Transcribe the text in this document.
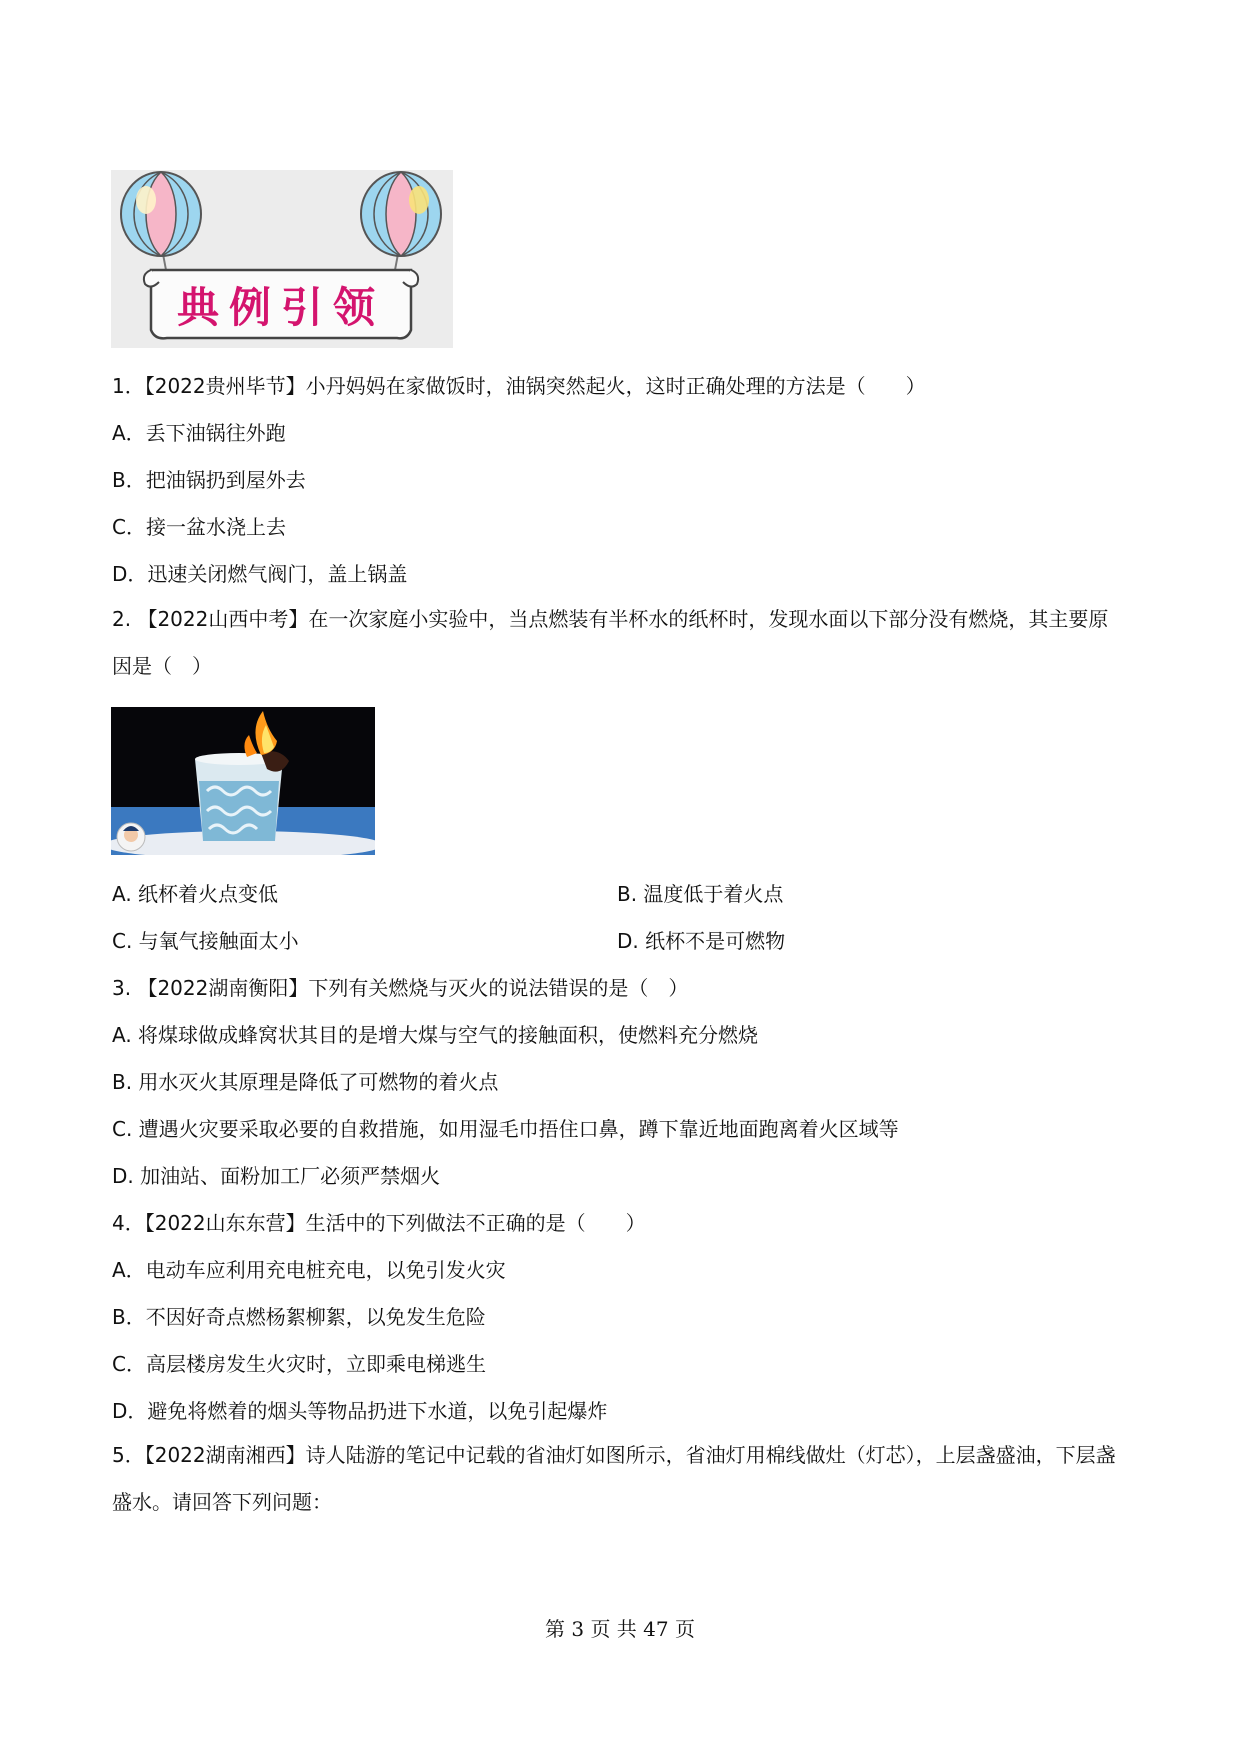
典例引领
1．【2022贵州毕节】小丹妈妈在家做饭时，油锅突然起火，这时正确处理的方法是（　　）
A．丢下油锅往外跑
B．把油锅扔到屋外去
C．接一盆水浇上去
D．迅速关闭燃气阀门，盖上锅盖
2. 【2022山西中考】在一次家庭小实验中，当点燃装有半杯水的纸杯时，发现水面以下部分没有燃烧，其主要原因是（　）
A. 纸杯着火点变低	B. 温度低于着火点
C. 与氧气接触面太小	D. 纸杯不是可燃物
3. 【2022湖南衡阳】下列有关燃烧与灭火的说法错误的是（　）
A. 将煤球做成蜂窝状其目的是增大煤与空气的接触面积，使燃料充分燃烧
B. 用水灭火其原理是降低了可燃物的着火点
C. 遭遇火灾要采取必要的自救措施，如用湿毛巾捂住口鼻，蹲下靠近地面跑离着火区域等
D. 加油站、面粉加工厂必须严禁烟火
4．【2022山东东营】生活中的下列做法不正确的是（　　）
A．电动车应利用充电桩充电，以免引发火灾
B．不因好奇点燃杨絮柳絮，以免发生危险
C．高层楼房发生火灾时，立即乘电梯逃生
D．避免将燃着的烟头等物品扔进下水道，以免引起爆炸
5．【2022湖南湘西】诗人陆游的笔记中记载的省油灯如图所示，省油灯用棉线做灶（灯芯），上层盏盛油，下层盏盛水。请回答下列问题：
第 3 页 共 47 页
